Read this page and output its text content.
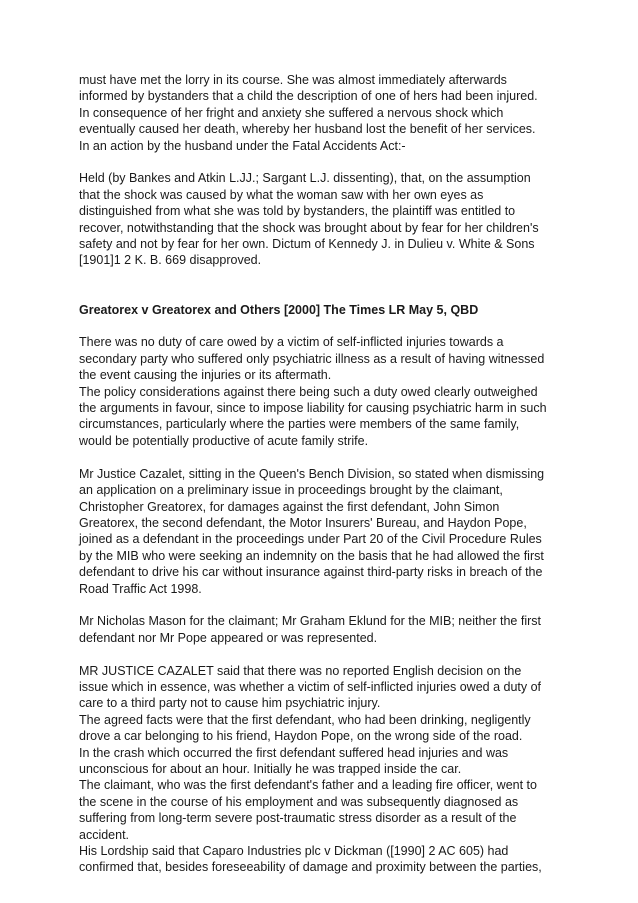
must have met the lorry in its course. She was almost immediately afterwards
informed by bystanders that a child the description of one of hers had been injured.
In consequence of her fright and anxiety she suffered a nervous shock which
eventually caused her death, whereby her husband lost the benefit of her services.
In an action by the husband under the Fatal Accidents Act:-
Held (by Bankes and Atkin L.JJ.; Sargant L.J. dissenting), that, on the assumption
that the shock was caused by what the woman saw with her own eyes as
distinguished from what she was told by bystanders, the plaintiff was entitled to
recover, notwithstanding that the shock was brought about by fear for her children's
safety and not by fear for her own. Dictum of Kennedy J. in Dulieu v. White & Sons
[1901]1 2 K. B. 669 disapproved.
Greatorex v Greatorex and Others [2000] The Times LR May 5, QBD
There was no duty of care owed by a victim of self-inflicted injuries towards a
secondary party who suffered only psychiatric illness as a result of having witnessed
the event causing the injuries or its aftermath.
The policy considerations against there being such a duty owed clearly outweighed
the arguments in favour, since to impose liability for causing psychiatric harm in such
circumstances, particularly where the parties were members of the same family,
would be potentially productive of acute family strife.
Mr Justice Cazalet, sitting in the Queen's Bench Division, so stated when dismissing
an application on a preliminary issue in proceedings brought by the claimant,
Christopher Greatorex, for damages against the first defendant, John Simon
Greatorex, the second defendant, the Motor Insurers' Bureau, and Haydon Pope,
joined as a defendant in the proceedings under Part 20 of the Civil Procedure Rules
by the MIB who were seeking an indemnity on the basis that he had allowed the first
defendant to drive his car without insurance against third-party risks in breach of the
Road Traffic Act 1998.
Mr Nicholas Mason for the claimant; Mr Graham Eklund for the MIB; neither the first
defendant nor Mr Pope appeared or was represented.
MR JUSTICE CAZALET said that there was no reported English decision on the
issue which in essence, was whether a victim of self-inflicted injuries owed a duty of
care to a third party not to cause him psychiatric injury.
The agreed facts were that the first defendant, who had been drinking, negligently
drove a car belonging to his friend, Haydon Pope, on the wrong side of the road.
In the crash which occurred the first defendant suffered head injuries and was
unconscious for about an hour. Initially he was trapped inside the car.
The claimant, who was the first defendant's father and a leading fire officer, went to
the scene in the course of his employment and was subsequently diagnosed as
suffering from long-term severe post-traumatic stress disorder as a result of the
accident.
His Lordship said that Caparo Industries plc v Dickman ([1990] 2 AC 605) had
confirmed that, besides foreseeability of damage and proximity between the parties,
